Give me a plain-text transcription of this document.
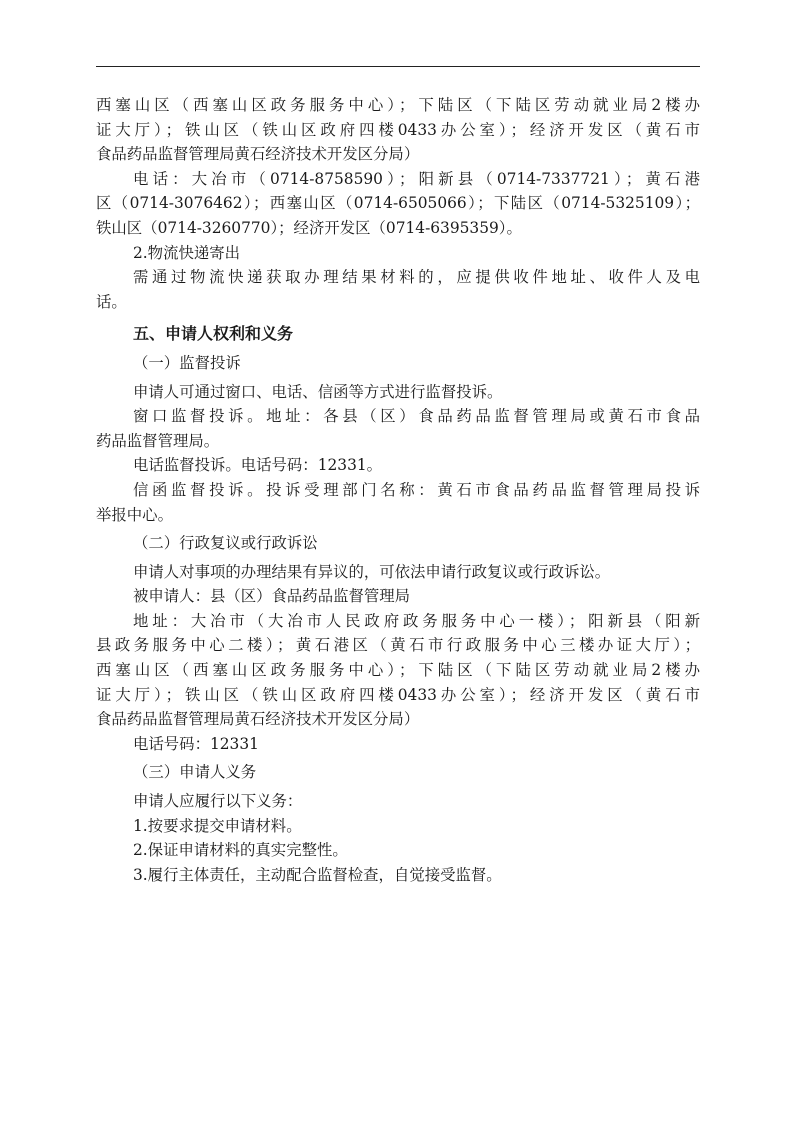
西塞山区（西塞山区政务服务中心）；下陆区（下陆区劳动就业局2楼办
证大厅）；铁山区（铁山区政府四楼0433办公室）；经济开发区（黄石市
食品药品监督管理局黄石经济技术开发区分局）
电话：大冶市（0714-8758590）；阳新县（0714-7337721）；黄石港
区（0714-3076462）；西塞山区（0714-6505066）；下陆区（0714-5325109）；
铁山区（0714-3260770）；经济开发区（0714-6395359）。
2.物流快递寄出
需通过物流快递获取办理结果材料的，应提供收件地址、收件人及电
话。
五、申请人权利和义务
（一）监督投诉
申请人可通过窗口、电话、信函等方式进行监督投诉。
窗口监督投诉。地址：各县（区）食品药品监督管理局或黄石市食品
药品监督管理局。
电话监督投诉。电话号码：12331。
信函监督投诉。投诉受理部门名称：黄石市食品药品监督管理局投诉
举报中心。
（二）行政复议或行政诉讼
申请人对事项的办理结果有异议的，可依法申请行政复议或行政诉讼。
被申请人：县（区）食品药品监督管理局
地址：大冶市（大冶市人民政府政务服务中心一楼）；阳新县（阳新
县政务服务中心二楼）；黄石港区（黄石市行政服务中心三楼办证大厅）；
西塞山区（西塞山区政务服务中心）；下陆区（下陆区劳动就业局2楼办
证大厅）；铁山区（铁山区政府四楼0433办公室）；经济开发区（黄石市
食品药品监督管理局黄石经济技术开发区分局）
电话号码：12331
（三）申请人义务
申请人应履行以下义务：
1.按要求提交申请材料。
2.保证申请材料的真实完整性。
3.履行主体责任，主动配合监督检查，自觉接受监督。
